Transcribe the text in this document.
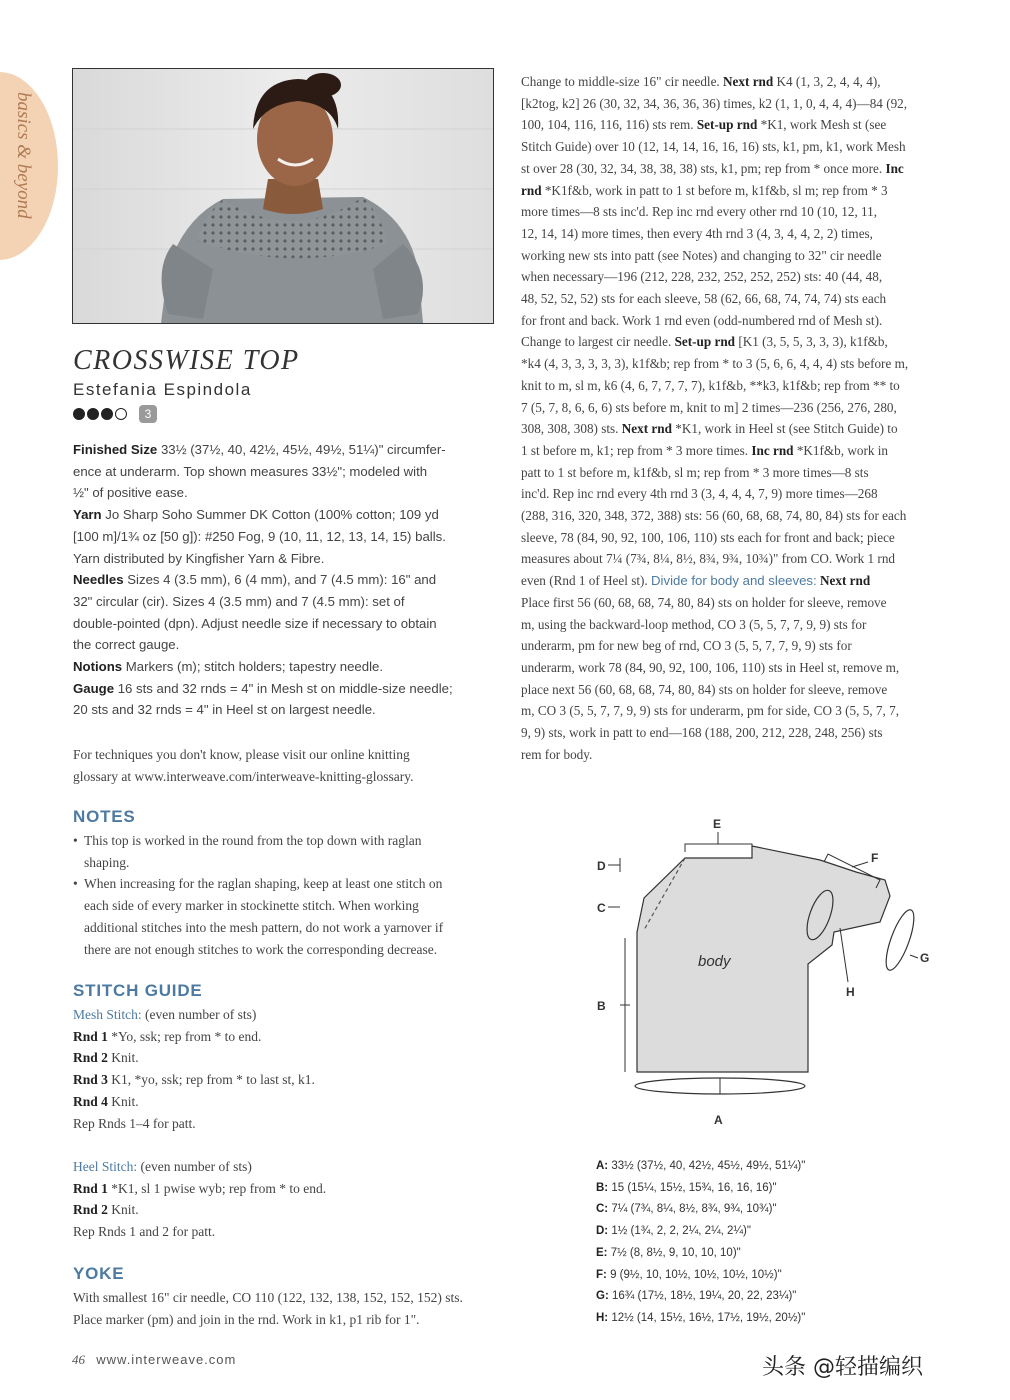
basics & beyond
CROSSWISE TOP
Estefania Espindola
3

Finished Size 33½ (37½, 40, 42½, 45½, 49½, 51¼)" circumfer-

ence at underarm. Top shown measures 33½"; modeled with

½" of positive ease.

Yarn Jo Sharp Soho Summer DK Cotton (100% cotton; 109 yd

[100 m]/1¾ oz [50 g]): #250 Fog, 9 (10, 11, 12, 13, 14, 15) balls.

Yarn distributed by Kingfisher Yarn & Fibre.

Needles Sizes 4 (3.5 mm), 6 (4 mm), and 7 (4.5 mm): 16" and

32" circular (cir). Sizes 4 (3.5 mm) and 7 (4.5 mm): set of

double-pointed (dpn). Adjust needle size if necessary to obtain

the correct gauge.

Notions Markers (m); stitch holders; tapestry needle.

Gauge 16 sts and 32 rnds = 4" in Mesh st on middle-size needle;

20 sts and 32 rnds = 4" in Heel st on largest needle.

For techniques you don't know, please visit our online knitting

glossary at www.interweave.com/interweave-knitting-glossary.

NOTES

• This top is worked in the round from the top down with raglan

shaping.

• When increasing for the raglan shaping, keep at least one stitch on

each side of every marker in stockinette stitch. When working

additional stitches into the mesh pattern, do not work a yarnover if

there are not enough stitches to work the corresponding decrease.

STITCH GUIDE

Mesh Stitch: (even number of sts)

Rnd 1 *Yo, ssk; rep from * to end.

Rnd 2 Knit.

Rnd 3 K1, *yo, ssk; rep from * to last st, k1.

Rnd 4 Knit.

Rep Rnds 1–4 for patt.

Heel Stitch: (even number of sts)

Rnd 1 *K1, sl 1 pwise wyb; rep from * to end.

Rnd 2 Knit.

Rep Rnds 1 and 2 for patt.

YOKE

With smallest 16" cir needle, CO 110 (122, 132, 138, 152, 152, 152) sts.

Place marker (pm) and join in the rnd. Work in k1, p1 rib for 1".

Change to middle-size 16" cir needle. Next rnd K4 (1, 3, 2, 4, 4, 4),

[k2tog, k2] 26 (30, 32, 34, 36, 36, 36) times, k2 (1, 1, 0, 4, 4, 4)—84 (92,

100, 104, 116, 116, 116) sts rem. Set-up rnd *K1, work Mesh st (see

Stitch Guide) over 10 (12, 14, 14, 16, 16, 16) sts, k1, pm, k1, work Mesh

st over 28 (30, 32, 34, 38, 38, 38) sts, k1, pm; rep from * once more. Inc

rnd *K1f&b, work in patt to 1 st before m, k1f&b, sl m; rep from * 3

more times—8 sts inc'd. Rep inc rnd every other rnd 10 (10, 12, 11,

12, 14, 14) more times, then every 4th rnd 3 (4, 3, 4, 4, 2, 2) times,

working new sts into patt (see Notes) and changing to 32" cir needle

when necessary—196 (212, 228, 232, 252, 252, 252) sts: 40 (44, 48,

48, 52, 52, 52) sts for each sleeve, 58 (62, 66, 68, 74, 74, 74) sts each

for front and back. Work 1 rnd even (odd-numbered rnd of Mesh st).

Change to largest cir needle. Set-up rnd [K1 (3, 5, 5, 3, 3, 3), k1f&b,

*k4 (4, 3, 3, 3, 3, 3), k1f&b; rep from * to 3 (5, 6, 6, 4, 4, 4) sts before m,

knit to m, sl m, k6 (4, 6, 7, 7, 7, 7), k1f&b, **k3, k1f&b; rep from ** to

7 (5, 7, 8, 6, 6, 6) sts before m, knit to m] 2 times—236 (256, 276, 280,

308, 308, 308) sts. Next rnd *K1, work in Heel st (see Stitch Guide) to

1 st before m, k1; rep from * 3 more times. Inc rnd *K1f&b, work in

patt to 1 st before m, k1f&b, sl m; rep from * 3 more times—8 sts

inc'd. Rep inc rnd every 4th rnd 3 (3, 4, 4, 4, 7, 9) more times—268

(288, 316, 320, 348, 372, 388) sts: 56 (60, 68, 68, 74, 80, 84) sts for each

sleeve, 78 (84, 90, 92, 100, 106, 110) sts each for front and back; piece

measures about 7¼ (7¾, 8¼, 8½, 8¾, 9¾, 10¾)" from CO. Work 1 rnd

even (Rnd 1 of Heel st). Divide for body and sleeves: Next rnd

Place first 56 (60, 68, 68, 74, 80, 84) sts on holder for sleeve, remove

m, using the backward-loop method, CO 3 (5, 5, 7, 7, 9, 9) sts for

underarm, pm for new beg of rnd, CO 3 (5, 5, 7, 7, 9, 9) sts for

underarm, work 78 (84, 90, 92, 100, 106, 110) sts in Heel st, remove m,

place next 56 (60, 68, 68, 74, 80, 84) sts on holder for sleeve, remove

m, CO 3 (5, 5, 7, 7, 9, 9) sts for underarm, pm for side, CO 3 (5, 5, 7, 7,

9, 9) sts, work in patt to end—168 (188, 200, 212, 228, 248, 256) sts

rem for body.

E
D
C
B
body
A
F
G
H
A: 33½ (37½, 40, 42½, 45½, 49½, 51¼)"
B: 15 (15¼, 15½, 15¾, 16, 16, 16)"
C: 7¼ (7¾, 8¼, 8½, 8¾, 9¾, 10¾)"
D: 1½ (1¾, 2, 2, 2¼, 2¼, 2¼)"
E: 7½ (8, 8½, 9, 10, 10, 10)"
F: 9 (9½, 10, 10½, 10½, 10½, 10½)"
G: 16¾ (17½, 18½, 19¼, 20, 22, 23¼)"
H: 12½ (14, 15½, 16½, 17½, 19½, 20½)"
46 www.interweave.com	头条 @轻描编织
